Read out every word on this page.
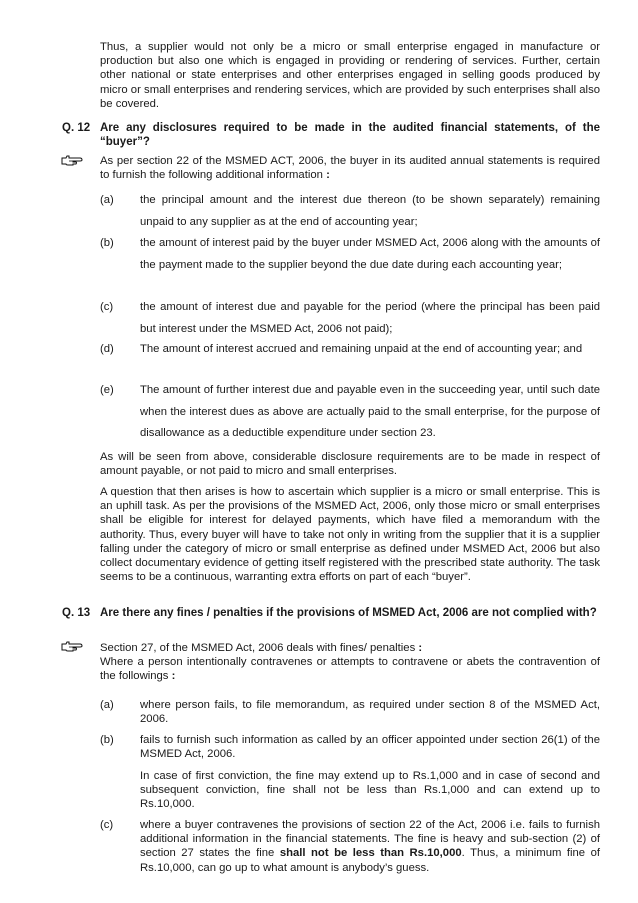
Thus, a supplier would not only be a micro or small enterprise engaged in manufacture or production but also one which is engaged in providing or rendering of services. Further, certain other national or state enterprises and other enterprises engaged in selling goods produced by micro or small enterprises and rendering services, which are provided by such enterprises shall also be covered.

Q. 12 Are any disclosures required to be made in the audited financial statements, of the “buyer”?

As per section 22 of the MSMED ACT, 2006, the buyer in its audited annual statements is required to furnish the following additional information :

(a)	the principal amount and the interest due thereon (to be shown separately) remaining unpaid to any supplier as at the end of accounting year;
(b)	the amount of interest paid by the buyer under MSMED Act, 2006 along with the amounts of the payment made to the supplier beyond the due date during each accounting year;
(c)	the amount of interest due and payable for the period (where the principal has been paid but interest under the MSMED Act, 2006 not paid);
(d)	The amount of interest accrued and remaining unpaid at the end of accounting year; and
(e)	The amount of further interest due and payable even in the succeeding year, until such date when the interest dues as above are actually paid to the small enterprise, for the purpose of disallowance as a deductible expenditure under section 23.

As will be seen from above, considerable disclosure requirements are to be made in respect of amount payable, or not paid to micro and small enterprises.

A question that then arises is how to ascertain which supplier is a micro or small enterprise. This is an uphill task. As per the provisions of the MSMED Act, 2006, only those micro or small enterprises shall be eligible for interest for delayed payments, which have filed a memorandum with the authority. Thus, every buyer will have to take not only in writing from the supplier that it is a supplier falling under the category of micro or small enterprise as defined under MSMED Act, 2006 but also collect documentary evidence of getting itself registered with the prescribed state authority. The task seems to be a continuous, warranting extra efforts on part of each “buyer”.

Q. 13 Are there any fines / penalties if the provisions of MSMED Act, 2006 are not complied with?

Section 27, of the MSMED Act, 2006 deals with fines/ penalties :
Where a person intentionally contravenes or attempts to contravene or abets the contravention of the followings :

(a)	where person fails, to file memorandum, as required under section 8 of the MSMED Act, 2006.
(b)	fails to furnish such information as called by an officer appointed under section 26(1) of the MSMED Act, 2006.

In case of first conviction, the fine may extend up to Rs.1,000 and in case of second and subsequent conviction, fine shall not be less than Rs.1,000 and can extend up to Rs.10,000.

(c)	where a buyer contravenes the provisions of section 22 of the Act, 2006 i.e. fails to furnish additional information in the financial statements. The fine is heavy and sub-section (2) of section 27 states the fine shall not be less than Rs.10,000. Thus, a minimum fine of Rs.10,000, can go up to what amount is anybody’s guess.
